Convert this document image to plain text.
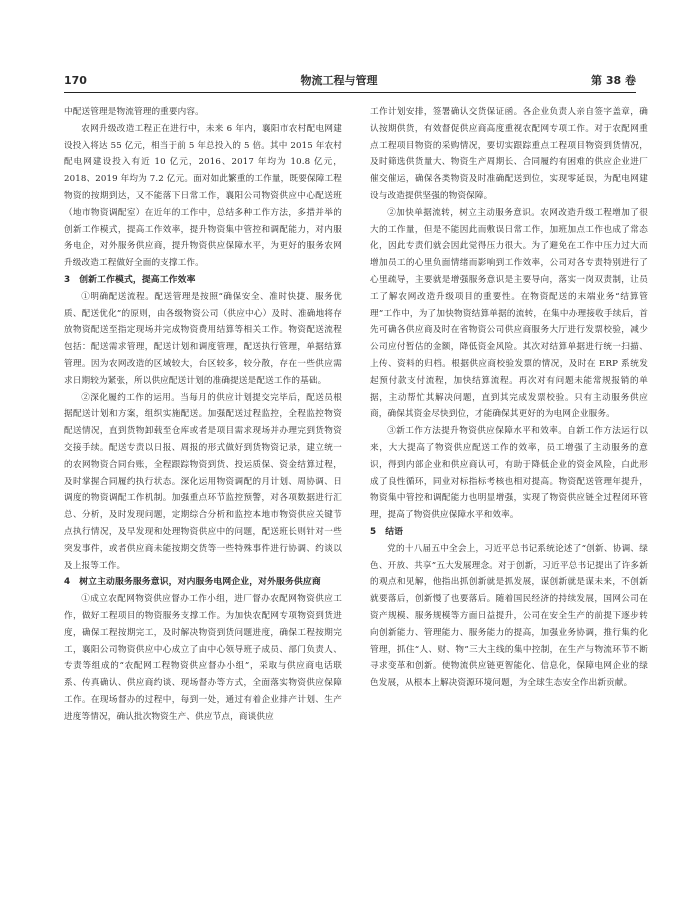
170	物流工程与管理	第 38 卷

中配送管理是物流管理的重要内容。

农网升级改造工程正在进行中，未来 6 年内，襄阳市农村配电网建设投入将达 55 亿元，相当于前 5 年总投入的 5 倍。其中 2015 年农村配电网建设投入有近 10 亿元，2016、2017 年均为 10.8 亿元，2018、2019 年均为 7.2 亿元。面对如此繁重的工作量，既要保障工程物资的按期到达，又不能落下日常工作，襄阳公司物资供应中心配送班（地市物资调配室）在近年的工作中，总结多种工作方法，多措并举的创新工作模式，提高工作效率，提升物资集中管控和调配能力，对内服务电企，对外服务供应商，提升物资供应保障水平，为更好的服务农网升级改造工程做好全面的支撑工作。

3　创新工作模式，提高工作效率

①明确配送流程。配送管理是按照“确保安全、准时快捷、服务优质、配送优化”的原则，由各级物资公司（供应中心）及时、准确地将存放物资配送至指定现场并完成物资费用结算等相关工作。物资配送流程包括：配送需求管理，配送计划和调度管理，配送执行管理，单据结算管理。因为农网改造的区域较大，台区较多，较分散，存在一些供应需求日期较为紧张，所以供应配送计划的准确提送是配送工作的基础。

②深化履约工作的运用。当每月的供应计划提交完毕后，配送员根据配送计划和方案，组织实施配送。加强配送过程监控，全程监控物资配送情况，直到货物卸载至仓库或者是项目需求现场并办理完到货物资交接手续。配送专责以日报、周报的形式做好到货物资记录，建立统一的农网物资合同台账，全程跟踪物资到货、投运质保、资金结算过程，及时掌握合同履约执行状态。深化运用物资调配的月计划、周协调、日调度的物资调配工作机制。加强重点环节监控预警，对各项数据进行汇总、分析，及时发现问题，定期综合分析和监控本地市物资供应关键节点执行情况，及早发现和处理物资供应中的问题，配送班长则针对一些突发事件，或者供应商未能按期交货等一些特殊事件进行协调、约谈以及上报等工作。

4　树立主动服务服务意识，对内服务电网企业，对外服务供应商

①成立农配网物资供应督办工作小组，进厂督办农配网物资供应工作，做好工程项目的物资服务支撑工作。为加快农配网专项物资到货进度，确保工程按期完工，及时解决物资到货问题进度，确保工程按期完工，襄阳公司物资供应中心成立了由中心领导班子成员、部门负责人、专责等组成的“农配网工程物资供应督办小组”，采取与供应商电话联系、传真确认、供应商约谈、现场督办等方式，全面落实物资供应保障工作。在现场督办的过程中，每到一处，通过有着企业排产计划、生产进度等情况，确认批次物资生产、供应节点，商谈供应

工作计划安排，签署确认交货保证函。各企业负责人亲自签字盖章，确认按期供货，有效督促供应商高度重视农配网专项工作。对于农配网重点工程项目物资的采购情况，要切实跟踪重点工程项目物资到货情况，及时筛选供货量大、物资生产周期长、合同履约有困难的供应企业进厂催交催运，确保各类物资及时准确配送到位，实现零延误，为配电网建设与改造提供坚强的物资保障。

②加快单据流转，树立主动服务意识。农网改造升级工程增加了很大的工作量，但是不能因此而敷误日常工作，加班加点工作也成了常态化，因此专责们就会因此觉得压力很大。为了避免在工作中压力过大而增加员工的心里负面情绪而影响到工作效率，公司对各专责特别进行了心里疏导，主要就是增强服务意识是主要导向，落实一岗双责制，让员工了解农网改造升级项目的重要性。在物资配送的末端业务“结算管理”工作中，为了加快物资结算单据的流转，在集中办理接收手续后，首先可确各供应商及时在省物资公司供应商服务大厅进行发票校验，减少公司应付暂估的金额，降低资金风险。其次对结算单据进行统一扫描、上传、资料的归档。根据供应商校验发票的情况，及时在 ERP 系统发起预付款支付流程，加快结算流程。再次对有问题未能常规报销的单据，主动帮忙其解决问题，直到其完成发票校验。只有主动服务供应商，确保其资金尽快到位，才能确保其更好的为电网企业服务。

③新工作方法提升物资供应保障水平和效率。自新工作方法运行以来，大大提高了物资供应配送工作的效率，员工增强了主动服务的意识，得到内部企业和供应商认可，有助于降低企业的资金风险，白此形成了良性循环，同业对标指标考核也相对提高。物资配送管理年提升，物资集中管控和调配能力也明显增强，实现了物资供应链全过程闭环管理，提高了物资供应保障水平和效率。

5　结语

党的十八届五中全会上，习近平总书记系统论述了“创新、协调、绿色、开放、共享”五大发展理念。对于创新，习近平总书记提出了许多新的观点和见解，他指出抓创新就是抓发展，谋创新就是谋未来，不创新就要落后，创新慢了也要落后。随着国民经济的持续发展，国网公司在资产规模、服务规模等方面日益提升，公司在安全生产的前提下逐步转向创新能力、管理能力、服务能力的提高，加强业务协调，推行集约化管理，抓住“人、财、物”三大主线的集中控制，在生产与物流环节不断寻求变革和创新。使物流供应链更智能化、信息化，保障电网企业的绿色发展，从根本上解决资源环境问题，为全球生态安全作出新贡献。
